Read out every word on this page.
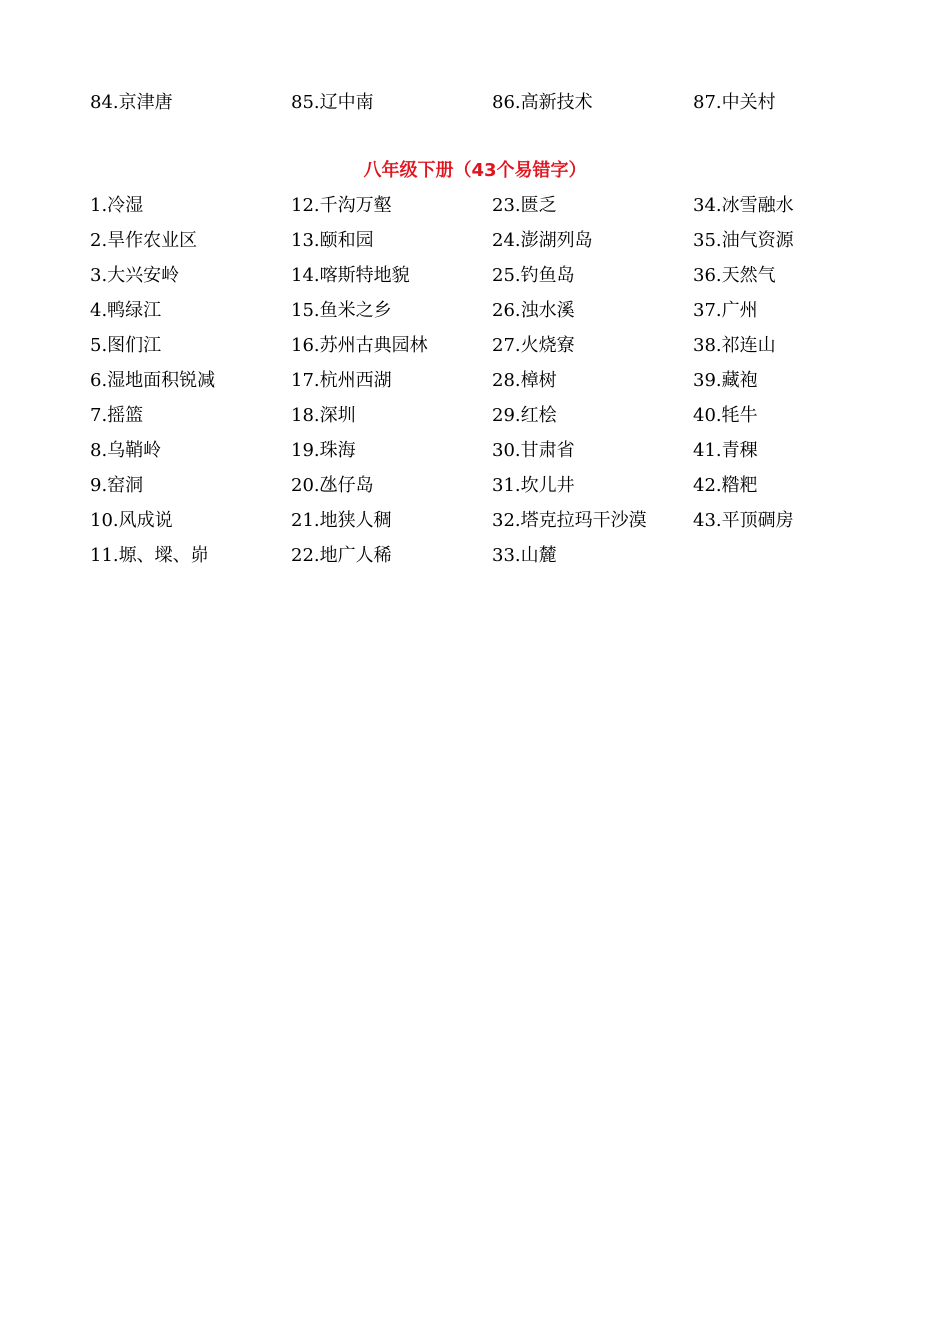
84.京津唐	85.辽中南	86.高新技术	87.中关村
八年级下册（43个易错字）
1.冷湿	12.千沟万壑	23.匮乏	34.冰雪融水
2.旱作农业区	13.颐和园	24.澎湖列岛	35.油气资源
3.大兴安岭	14.喀斯特地貌	25.钓鱼岛	36.天然气
4.鸭绿江	15.鱼米之乡	26.浊水溪	37.广州
5.图们江	16.苏州古典园林	27.火烧寮	38.祁连山
6.湿地面积锐减	17.杭州西湖	28.樟树	39.藏袍
7.摇篮	18.深圳	29.红桧	40.牦牛
8.乌鞘岭	19.珠海	30.甘肃省	41.青稞
9.窑洞	20.氹仔岛	31.坎儿井	42.糌粑
10.风成说	21.地狭人稠	32.塔克拉玛干沙漠	43.平顶碉房
11.塬、墚、峁	22.地广人稀	33.山麓
